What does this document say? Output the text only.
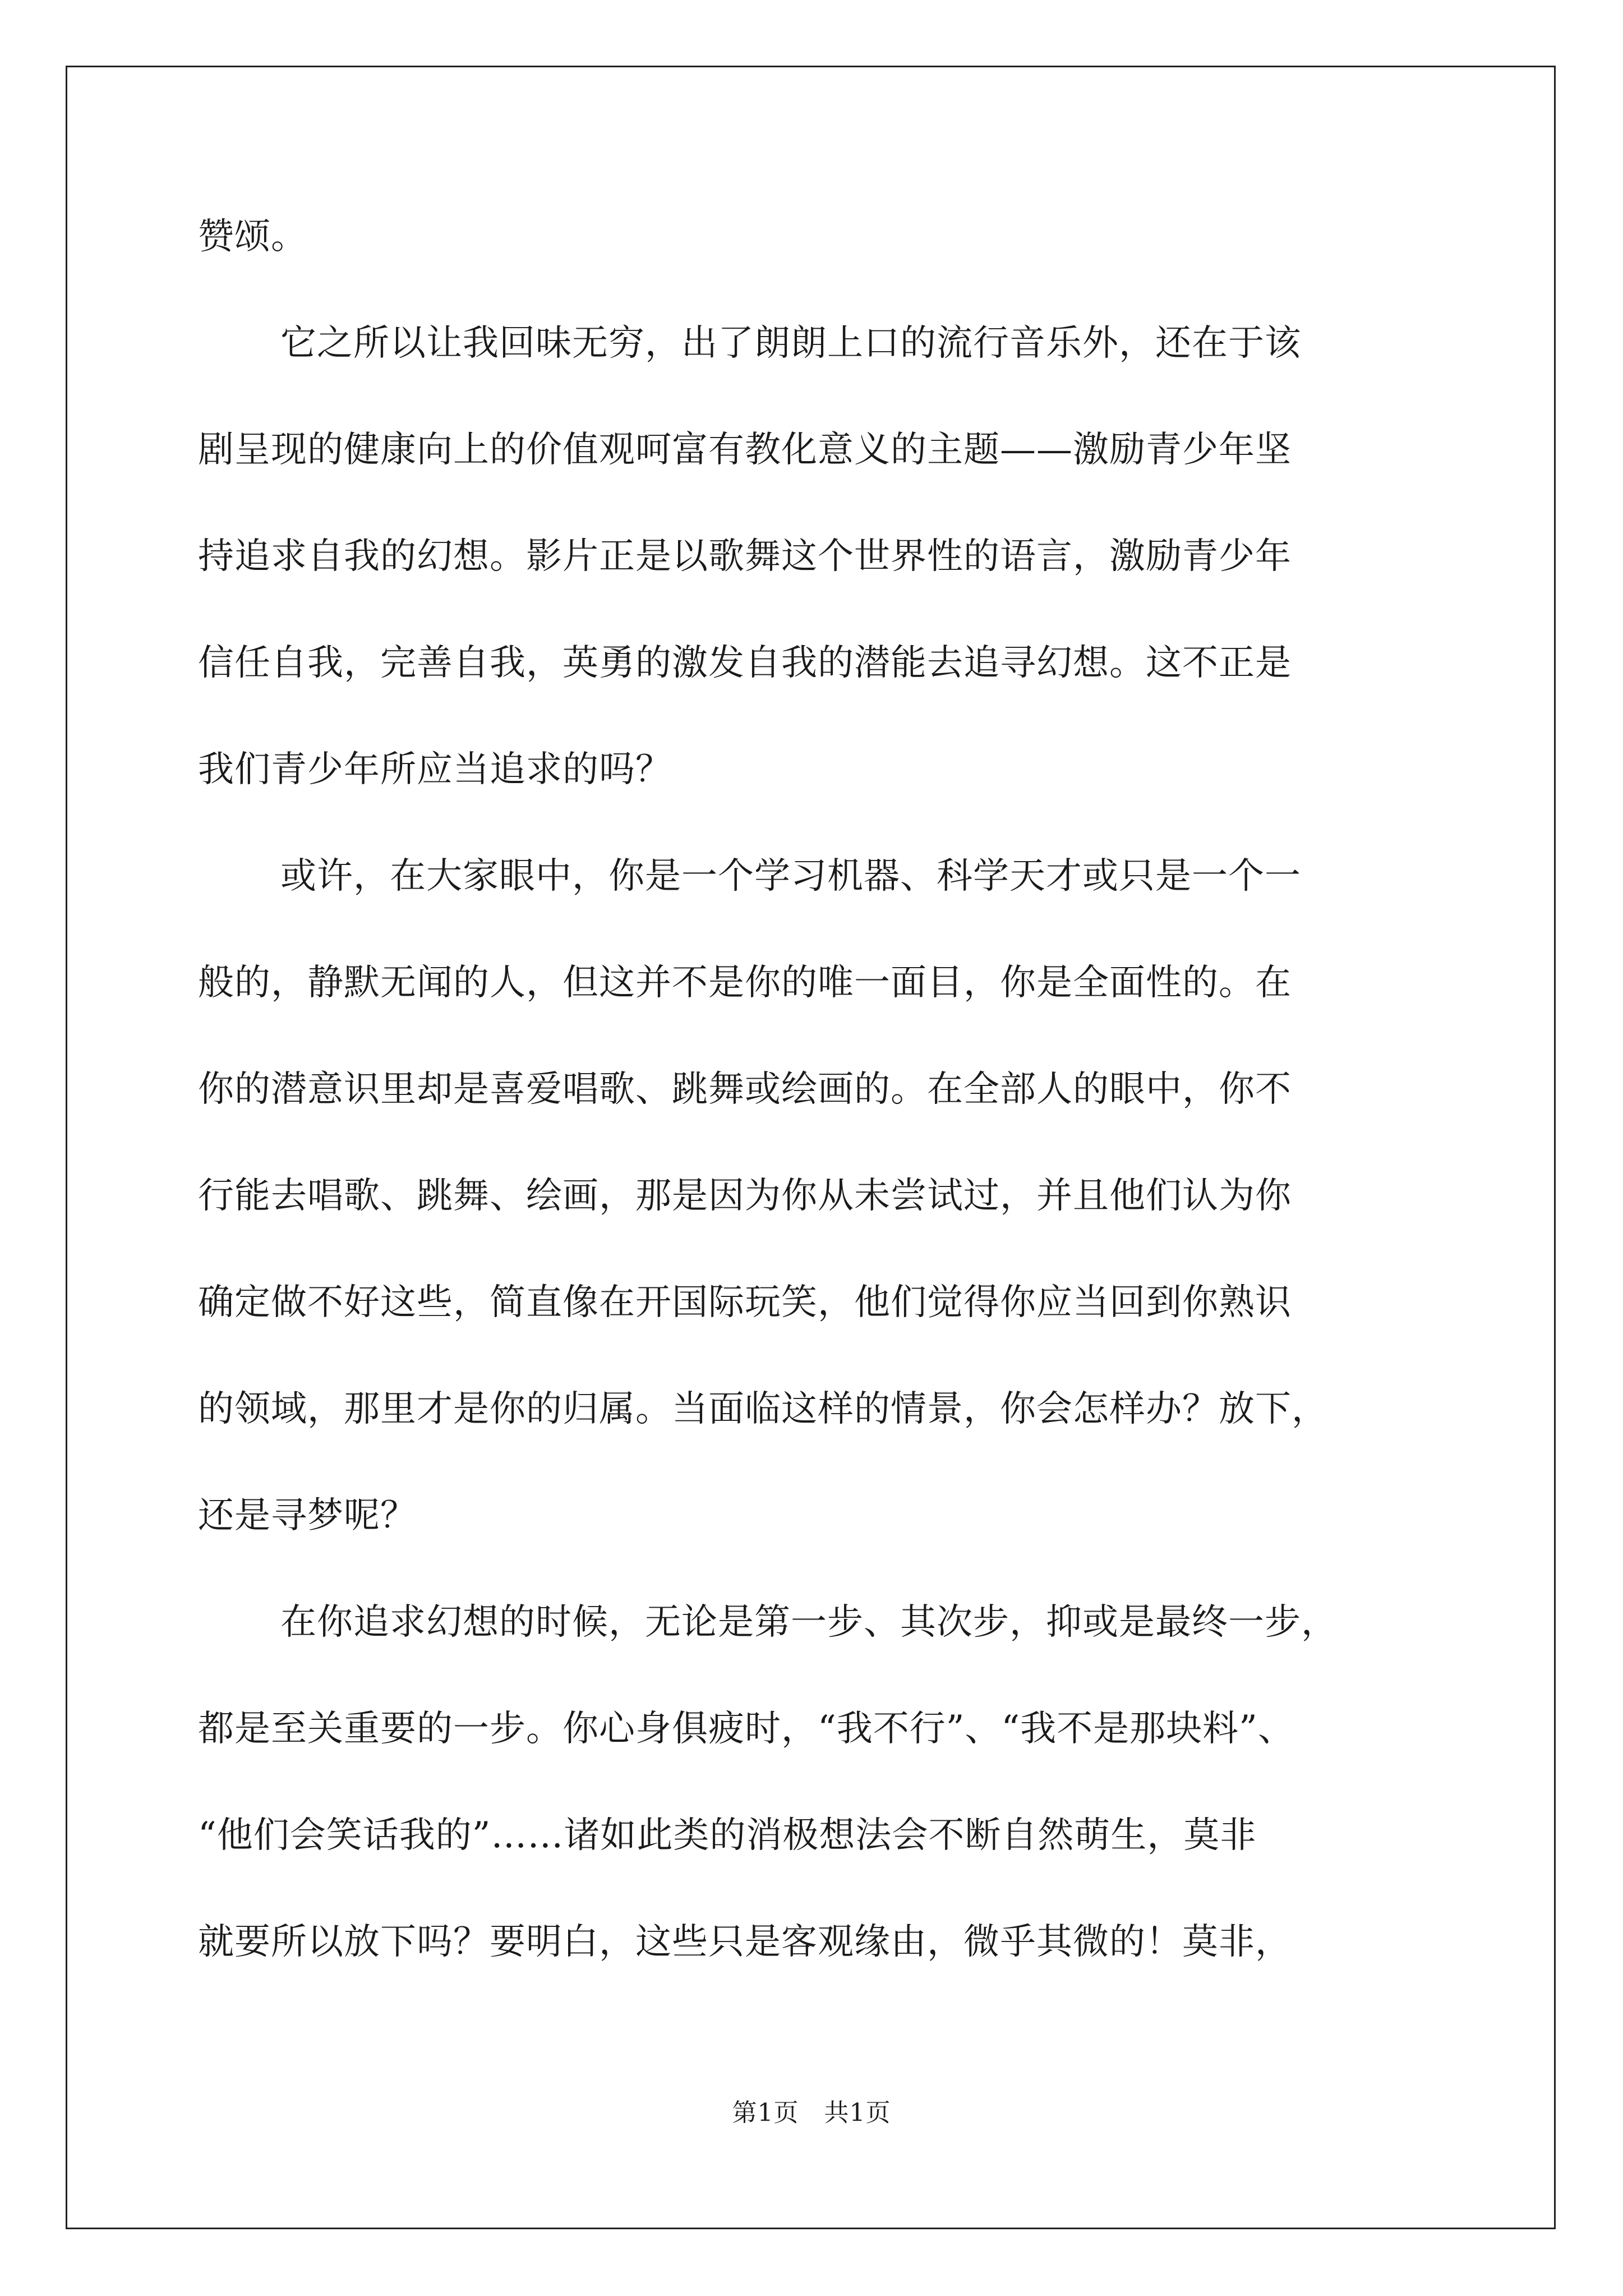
赞颂。
它之所以让我回味无穷，出了朗朗上口的流行音乐外，还在于该
剧呈现的健康向上的价值观呵富有教化意义的主题——激励青少年坚
持追求自我的幻想。影片正是以歌舞这个世界性的语言，激励青少年
信任自我，完善自我，英勇的激发自我的潜能去追寻幻想。这不正是
我们青少年所应当追求的吗？
或许，在大家眼中，你是一个学习机器、科学天才或只是一个一
般的，静默无闻的人，但这并不是你的唯一面目，你是全面性的。在
你的潜意识里却是喜爱唱歌、跳舞或绘画的。在全部人的眼中，你不
行能去唱歌、跳舞、绘画，那是因为你从未尝试过，并且他们认为你
确定做不好这些，简直像在开国际玩笑，他们觉得你应当回到你熟识
的领域，那里才是你的归属。当面临这样的情景，你会怎样办？放下，
还是寻梦呢？
在你追求幻想的时候，无论是第一步、其次步，抑或是最终一步，
都是至关重要的一步。你心身俱疲时，“我不行”、“我不是那块料”、
“他们会笑话我的”……诸如此类的消极想法会不断自然萌生，莫非
就要所以放下吗？要明白，这些只是客观缘由，微乎其微的！莫非，
第1页　共1页
